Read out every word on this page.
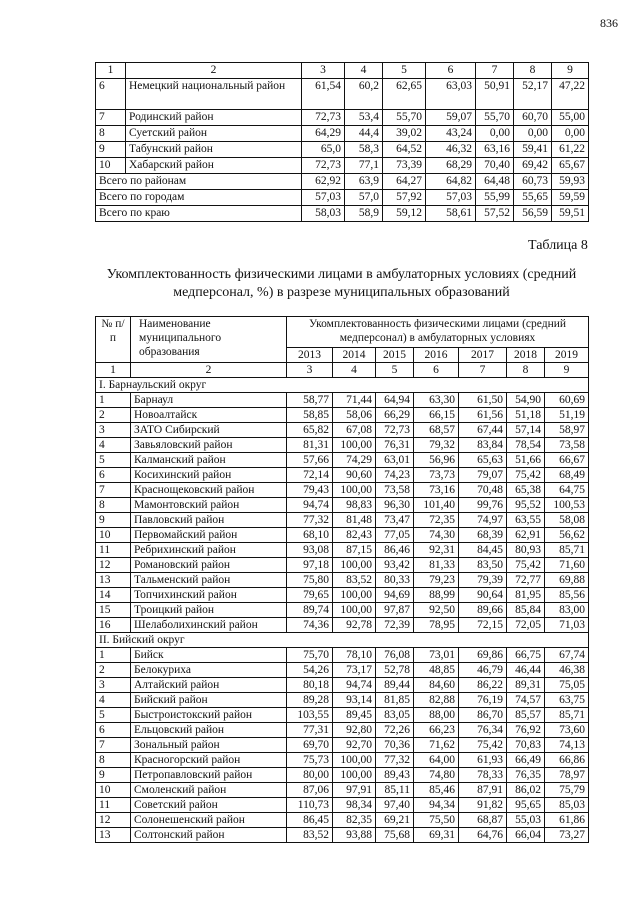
836
1	2	3	4	5	6	7	8	9
6	Немецкий национальный район	61,54	60,2	62,65	63,03	50,91	52,17	47,22
7	Родинский район	72,73	53,4	55,70	59,07	55,70	60,70	55,00
8	Суетский район	64,29	44,4	39,02	43,24	0,00	0,00	0,00
9	Табунский район	65,0	58,3	64,52	46,32	63,16	59,41	61,22
10	Хабарский район	72,73	77,1	73,39	68,29	70,40	69,42	65,67
Всего по районам		62,92	63,9	64,27	64,82	64,48	60,73	59,93
Всего по городам		57,03	57,0	57,92	57,03	55,99	55,65	59,59
Всего по краю		58,03	58,9	59,12	58,61	57,52	56,59	59,51
Таблица 8
Укомплектованность физическими лицами в амбулаторных условиях (средний медперсонал, %) в разрезе муниципальных образований
№ п/п	Наименование муниципального образования	Укомплектованность физическими лицами (средний медперсонал) в амбулаторных условиях						
		2013	2014	2015	2016	2017	2018	2019
1	2	3	4	5	6	7	8	9
I. Барнаульский округ								
1	Барнаул	58,77	71,44	64,94	63,30	61,50	54,90	60,69
2	Новоалтайск	58,85	58,06	66,29	66,15	61,56	51,18	51,19
3	ЗАТО Сибирский	65,82	67,08	72,73	68,57	67,44	57,14	58,97
4	Завьяловский район	81,31	100,00	76,31	79,32	83,84	78,54	73,58
5	Калманский район	57,66	74,29	63,01	56,96	65,63	51,66	66,67
6	Косихинский район	72,14	90,60	74,23	73,73	79,07	75,42	68,49
7	Краснощековский район	79,43	100,00	73,58	73,16	70,48	65,38	64,75
8	Мамонтовский район	94,74	98,83	96,30	101,40	99,76	95,52	100,53
9	Павловский район	77,32	81,48	73,47	72,35	74,97	63,55	58,08
10	Первомайский район	68,10	82,43	77,05	74,30	68,39	62,91	56,62
11	Ребрихинский район	93,08	87,15	86,46	92,31	84,45	80,93	85,71
12	Романовский район	97,18	100,00	93,42	81,33	83,50	75,42	71,60
13	Тальменский район	75,80	83,52	80,33	79,23	79,39	72,77	69,88
14	Топчихинский район	79,65	100,00	94,69	88,99	90,64	81,95	85,56
15	Троицкий район	89,74	100,00	97,87	92,50	89,66	85,84	83,00
16	Шелаболихинский район	74,36	92,78	72,39	78,95	72,15	72,05	71,03
II. Бийский округ								
1	Бийск	75,70	78,10	76,08	73,01	69,86	66,75	67,74
2	Белокуриха	54,26	73,17	52,78	48,85	46,79	46,44	46,38
3	Алтайский район	80,18	94,74	89,44	84,60	86,22	89,31	75,05
4	Бийский район	89,28	93,14	81,85	82,88	76,19	74,57	63,75
5	Быстроистокский район	103,55	89,45	83,05	88,00	86,70	85,57	85,71
6	Ельцовский район	77,31	92,80	72,26	66,23	76,34	76,92	73,60
7	Зональный район	69,70	92,70	70,36	71,62	75,42	70,83	74,13
8	Красногорский район	75,73	100,00	77,32	64,00	61,93	66,49	66,86
9	Петропавловский район	80,00	100,00	89,43	74,80	78,33	76,35	78,97
10	Смоленский район	87,06	97,91	85,11	85,46	87,91	86,02	75,79
11	Советский район	110,73	98,34	97,40	94,34	91,82	95,65	85,03
12	Солонешенский район	86,45	82,35	69,21	75,50	68,87	55,03	61,86
13	Солтонский район	83,52	93,88	75,68	69,31	64,76	66,04	73,27
